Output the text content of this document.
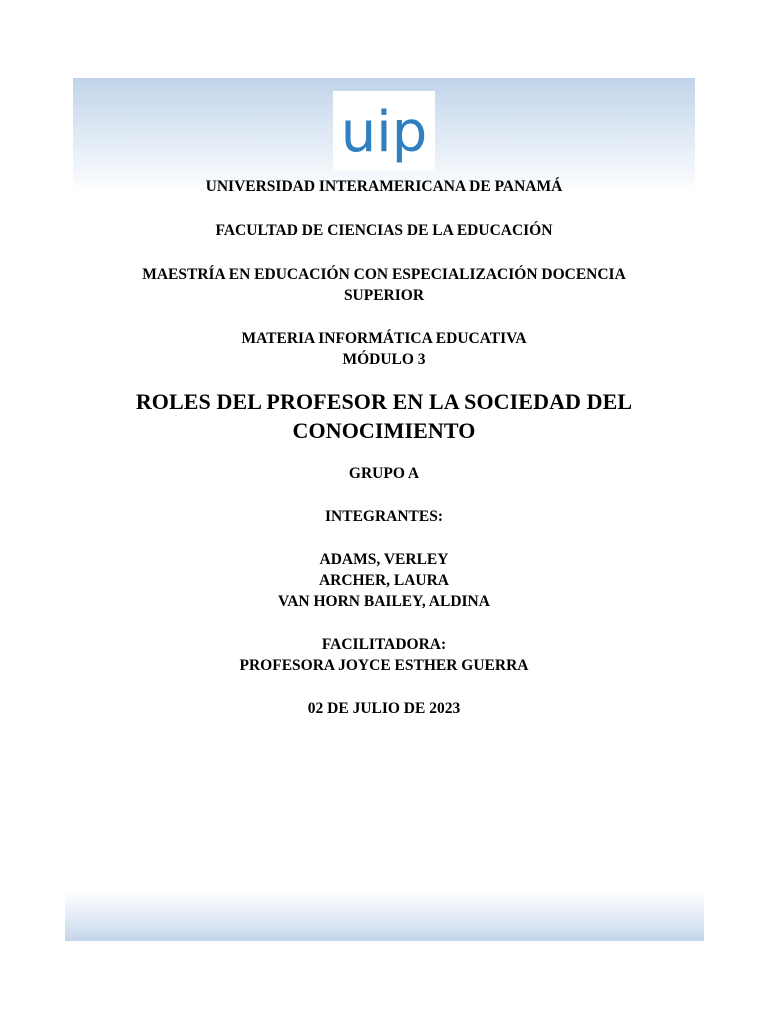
uip

UNIVERSIDAD INTERAMERICANA DE PANAMÁ

FACULTAD DE CIENCIAS DE LA EDUCACIÓN

MAESTRÍA EN EDUCACIÓN CON ESPECIALIZACIÓN DOCENCIA

SUPERIOR

MATERIA INFORMÁTICA EDUCATIVA

MÓDULO 3

ROLES DEL PROFESOR EN LA SOCIEDAD DEL

CONOCIMIENTO

GRUPO A

INTEGRANTES:

ADAMS, VERLEY

ARCHER, LAURA

VAN HORN BAILEY, ALDINA

FACILITADORA:

PROFESORA JOYCE ESTHER GUERRA

02 DE JULIO DE 2023
